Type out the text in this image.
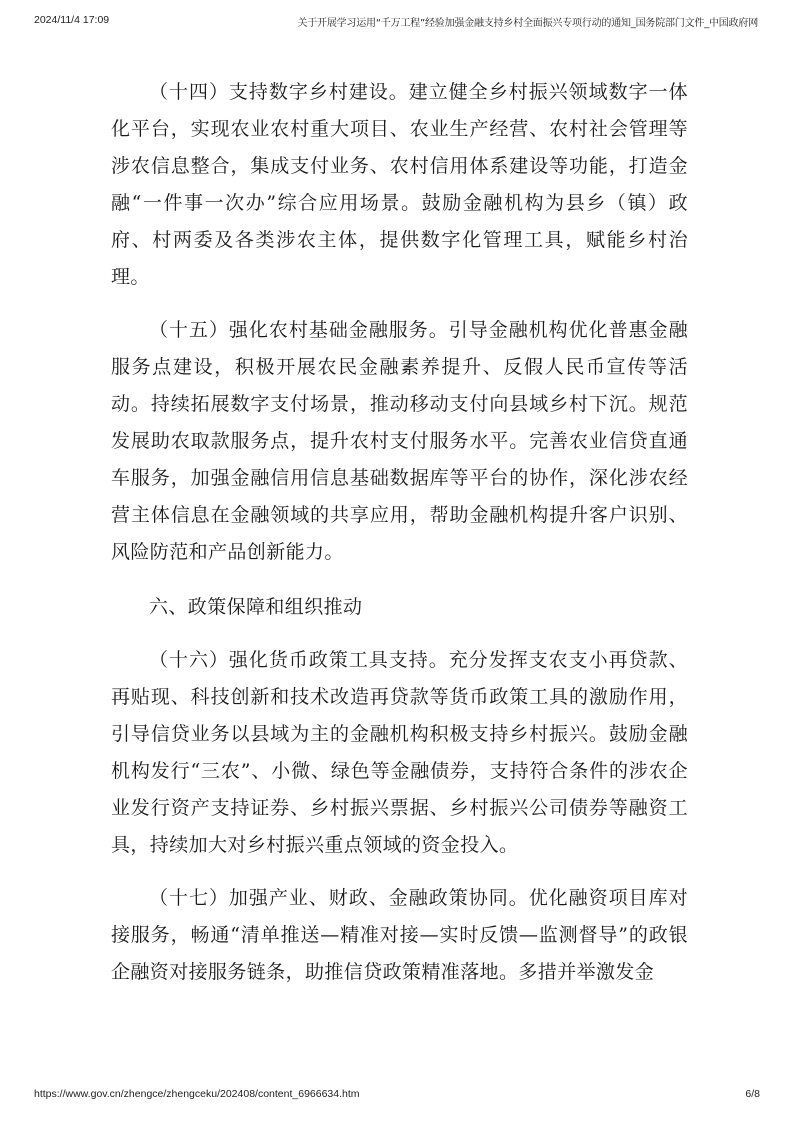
2024/11/4 17:09	关于开展学习运用“千万工程”经验加强金融支持乡村全面振兴专项行动的通知_国务院部门文件_中国政府网

（十四）支持数字乡村建设。建立健全乡村振兴领域数字一体化平台，实现农业农村重大项目、农业生产经营、农村社会管理等涉农信息整合，集成支付业务、农村信用体系建设等功能，打造金融“一件事一次办”综合应用场景。鼓励金融机构为县乡（镇）政府、村两委及各类涉农主体，提供数字化管理工具，赋能乡村治理。

（十五）强化农村基础金融服务。引导金融机构优化普惠金融服务点建设，积极开展农民金融素养提升、反假人民币宣传等活动。持续拓展数字支付场景，推动移动支付向县域乡村下沉。规范发展助农取款服务点，提升农村支付服务水平。完善农业信贷直通车服务，加强金融信用信息基础数据库等平台的协作，深化涉农经营主体信息在金融领域的共享应用，帮助金融机构提升客户识别、风险防范和产品创新能力。

六、政策保障和组织推动

（十六）强化货币政策工具支持。充分发挥支农支小再贷款、再贴现、科技创新和技术改造再贷款等货币政策工具的激励作用，引导信贷业务以县域为主的金融机构积极支持乡村振兴。鼓励金融机构发行“三农”、小微、绿色等金融债券，支持符合条件的涉农企业发行资产支持证券、乡村振兴票据、乡村振兴公司债券等融资工具，持续加大对乡村振兴重点领域的资金投入。

（十七）加强产业、财政、金融政策协同。优化融资项目库对接服务，畅通“清单推送—精准对接—实时反馈—监测督导”的政银企融资对接服务链条，助推信贷政策精准落地。多措并举激发金

https://www.gov.cn/zhengce/zhengceku/202408/content_6966634.htm	6/8
